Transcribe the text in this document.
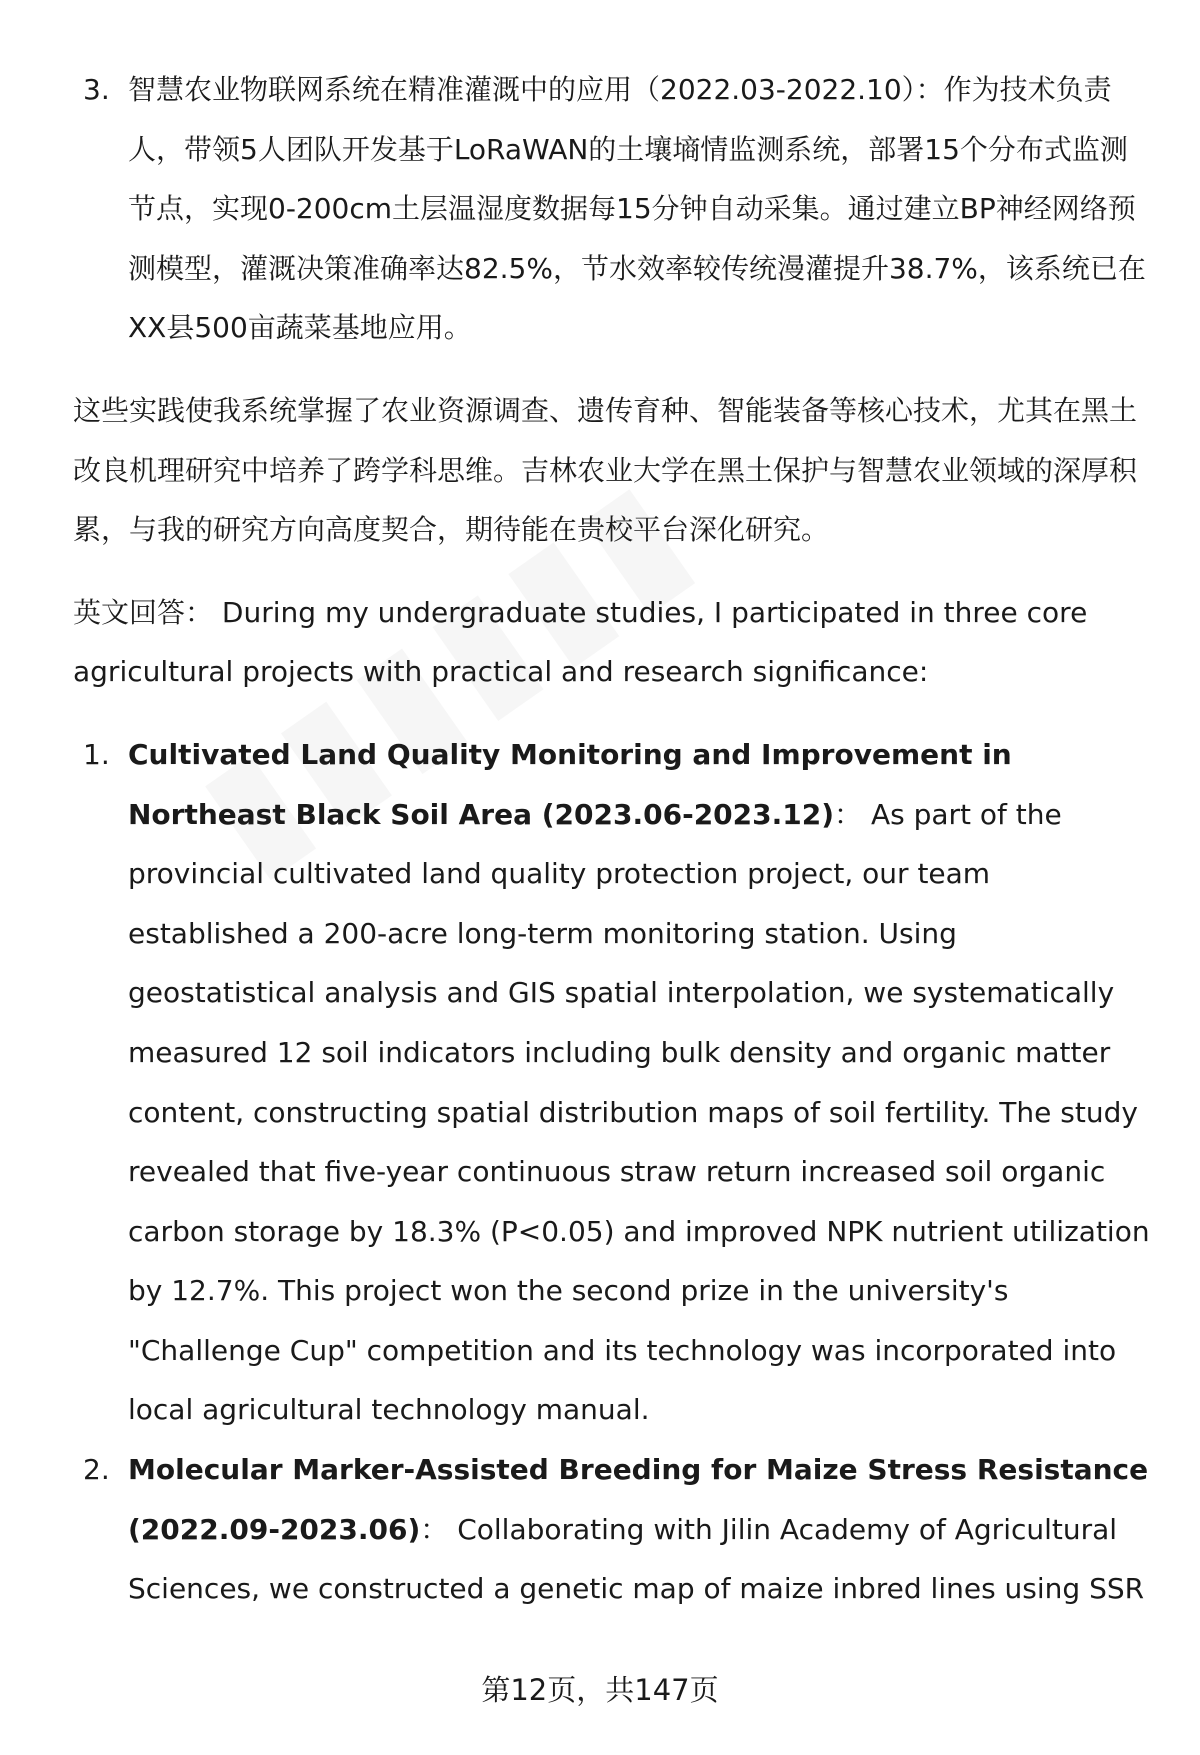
3. 智慧农业物联网系统在精准灌溉中的应用（2022.03-2022.10）：作为技术负责人，带领5人团队开发基于LoRaWAN的土壤墒情监测系统，部署15个分布式监测节点，实现0-200cm土层温湿度数据每15分钟自动采集。通过建立BP神经网络预测模型，灌溉决策准确率达82.5%，节水效率较传统漫灌提升38.7%，该系统已在XX县500亩蔬菜基地应用。
这些实践使我系统掌握了农业资源调查、遗传育种、智能装备等核心技术，尤其在黑土改良机理研究中培养了跨学科思维。吉林农业大学在黑土保护与智慧农业领域的深厚积累，与我的研究方向高度契合，期待能在贵校平台深化研究。
英文回答： During my undergraduate studies, I participated in three core agricultural projects with practical and research significance:
1. Cultivated Land Quality Monitoring and Improvement in Northeast Black Soil Area (2023.06-2023.12)： As part of the provincial cultivated land quality protection project, our team established a 200-acre long-term monitoring station. Using geostatistical analysis and GIS spatial interpolation, we systematically measured 12 soil indicators including bulk density and organic matter content, constructing spatial distribution maps of soil fertility. The study revealed that five-year continuous straw return increased soil organic carbon storage by 18.3% (P<0.05) and improved NPK nutrient utilization by 12.7%. This project won the second prize in the university's "Challenge Cup" competition and its technology was incorporated into local agricultural technology manual.
2. Molecular Marker-Assisted Breeding for Maize Stress Resistance (2022.09-2023.06)： Collaborating with Jilin Academy of Agricultural Sciences, we constructed a genetic map of maize inbred lines using SSR
第12页，共147页
